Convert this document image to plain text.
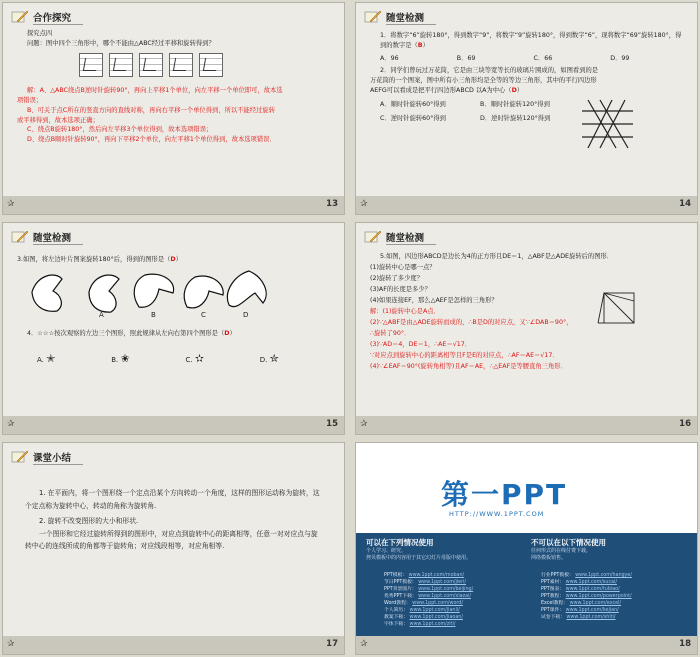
合作探究

探究点四

问题：图中四个三角形中，哪个不能由△ABC经过平移和旋转得到？

解：A、△ABC绕点B逆时针旋转90°，再向上平移1个单位，向左平移一个单位即可，故本选

项错误；

B、可关于点C所在的竖直方向的直线对称，再向右平移一个单位得到，所以不能经过旋转

或平移得到，故本选项正确；

C、绕点B旋转180°，然后向左平移3个单位得到，故本选项错误；

D、绕点B顺时针旋转90°，再向下平移2个单位，向左平移1个单位得到，故本选项错误．

✰	13
随堂检测

1．将数字“6”旋转180°，得到数字“9”，将数字“9”旋转180°，得到数字“6”，现将数字“69”旋转180°，得到的数字是（B）

A．96	B．69	C．66	D．99

2．同学们曾玩过万花筒，它是由三块等宽等长的玻璃片围成的，如图看到的是

万花筒的一个图案，图中所有小三角形均是全等的等边三角形，其中的平行四边形

AEFG可以看成是把平行四边形ABCD 以A为中心（D）

A．顺时针旋转60°得到	B．顺时针旋转120°得到

C．逆时针旋转60°得到	D．逆时针旋转120°得到

✰	14
随堂检测

3.如图，将左边叶片图案旋转180°后，得到的图形是（D）

A	B	C	D

4．☆☆☆按次观察的左边三个图形，照此规律从左向右第四个图形是（D）

A. ✭	B. ✬	C. ✫	D. ✮
✰	15
随堂检测

5.如图，四边形ABCD是边长为4的正方形且DE＝1，△ABF是△ADE旋转后的图形．

(1)旋转中心是哪一点？

(2)旋转了多少度？

(3)AF的长度是多少？

(4)如果连接EF，那么△AEF是怎样的三角形？

解：(1)旋转中心是A点．

(2)∵△ABF是由△ADE旋转而成的，∴B是D的对应点，又∵∠DAB＝90°，

∴旋转了90°．

(3)∵AD＝4，DE＝1，∴AE＝√17．

∵对应点到旋转中心的距离相等且F是E的对应点，∴AF＝AE＝√17．

(4)∵∠EAF＝90°(旋转角相等)且AF＝AE，∴△EAF是等腰直角三角形．

✰	16
课堂小结

1. 在平面内，将一个图形绕一个定点沿某个方向转动一个角度，这样的图形运动称为旋转，这个定点称为旋转中心，转动的角称为旋转角.

2. 旋转不改变图形的大小和形状.

一个图形和它经过旋转所得到的图形中，对应点到旋转中心的距离相等，任意一对对应点与旋转中心的连线所成的角都等于旋转角；对应线段相等，对应角相等.

✰	17
第一PPT
HTTP://WWW.1PPT.COM
可以在下列情况使用

个人学习、研究。

拷贝模板中的内容用于其它幻灯片母版中使用。

不可以在以下情况使用

任何形式的在线付费下载。

网络模板销售。

PPT模板： www.1ppt.com/moban/

节日PPT模板： www.1ppt.com/jieri/

PPT背景图片： www.1ppt.com/beijing/

优秀PPT下载： www.1ppt.com/xiazai/

Word教程： www.1ppt.com/word/

个人简历： www.1ppt.com/jianli/

教案下载： www.1ppt.com/jiaoan/

字体下载： www.1ppt.com/ziti/

行业PPT模板： www.1ppt.com/hangye/

PPT素材： www.1ppt.com/sucai/

PPT图表： www.1ppt.com/tubiao/

PPT教程： www.1ppt.com/powerpoint/

Excel教程： www.1ppt.com/excel/

PPT课件： www.1ppt.com/kejian/

试卷下载： www.1ppt.com/shiti/

✰	18
